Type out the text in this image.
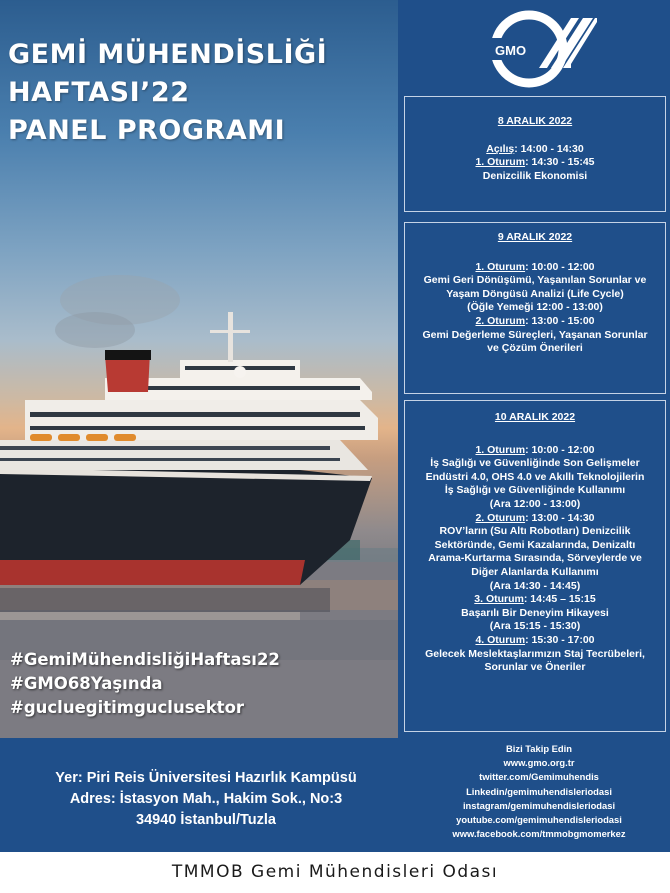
GEMİ MÜHENDİSLİĞİ
HAFTASI’22
PANEL PROGRAMI
#GemiMühendisliğiHaftası22
#GMO68Yaşında
#gucluegitimguclusektor
GMO
8 ARALIK 2022
Açılış: 14:00 - 14:30
1. Oturum: 14:30 - 15:45
Denizcilik Ekonomisi
9 ARALIK 2022
1. Oturum: 10:00 - 12:00
Gemi Geri Dönüşümü, Yaşanılan Sorunlar ve
Yaşam Döngüsü Analizi (Life Cycle)
(Öğle Yemeği 12:00 - 13:00)
2. Oturum: 13:00 - 15:00
Gemi Değerleme Süreçleri, Yaşanan Sorunlar
ve Çözüm Önerileri
10 ARALIK 2022
1. Oturum: 10:00 - 12:00
İş Sağlığı ve Güvenliğinde Son Gelişmeler
Endüstri 4.0, OHS 4.0 ve Akıllı Teknolojilerin
İş Sağlığı ve Güvenliğinde Kullanımı
(Ara 12:00 - 13:00)
2. Oturum: 13:00 - 14:30
ROV’ların (Su Altı Robotları) Denizcilik
Sektöründe, Gemi Kazalarında, Denizaltı
Arama-Kurtarma Sırasında, Sörveylerde ve
Diğer Alanlarda Kullanımı
(Ara 14:30 - 14:45)
3. Oturum: 14:45 – 15:15
Başarılı Bir Deneyim Hikayesi
(Ara 15:15 - 15:30)
4. Oturum: 15:30 - 17:00
Gelecek Meslektaşlarımızın Staj Tecrübeleri,
Sorunlar ve Öneriler
Yer: Piri Reis Üniversitesi Hazırlık Kampüsü
Adres: İstasyon Mah., Hakim Sok., No:3
34940 İstanbul/Tuzla
Bizi Takip Edin
www.gmo.org.tr
twitter.com/Gemimuhendis
Linkedin/gemimuhendisleriodasi
instagram/gemimuhendisleriodasi
youtube.com/gemimuhendisleriodasi
www.facebook.com/tmmobgmomerkez
TMMOB Gemi Mühendisleri Odası
